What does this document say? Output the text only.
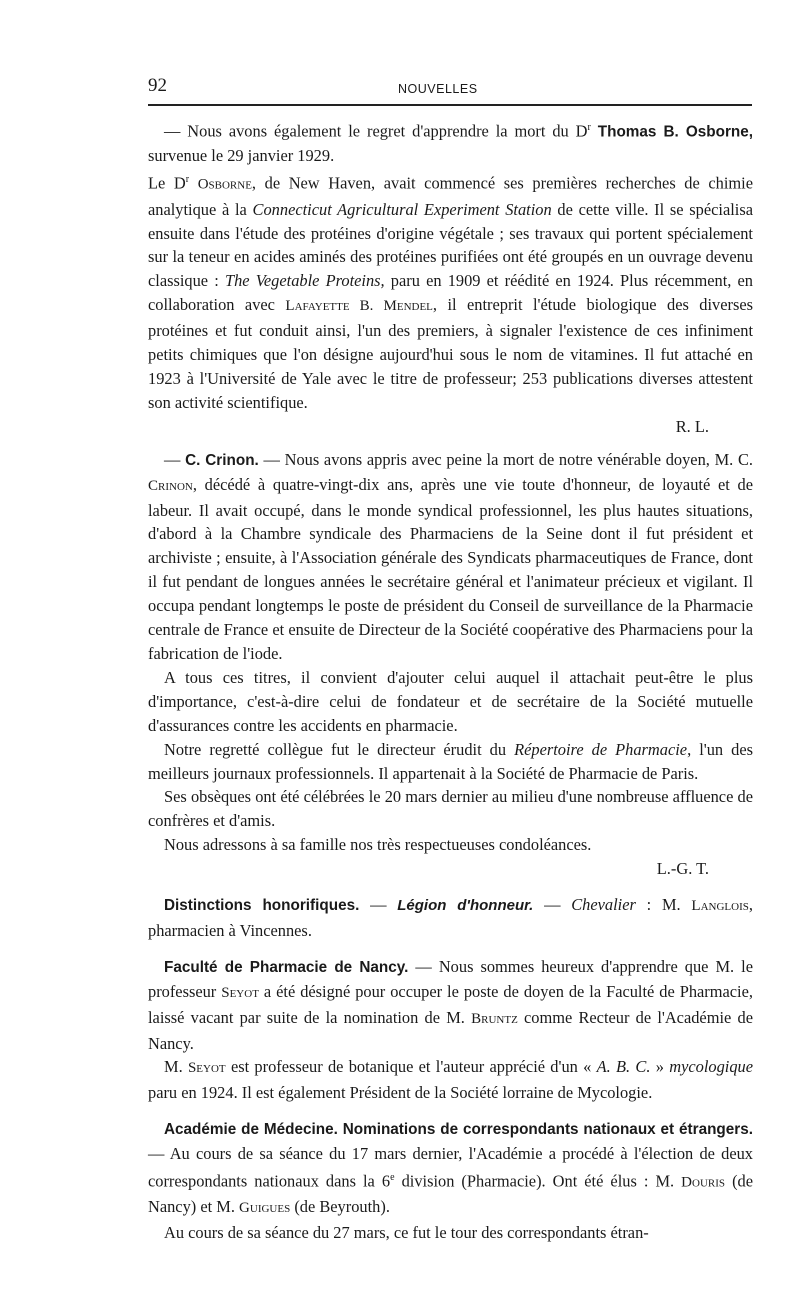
92	NOUVELLES

— Nous avons également le regret d'apprendre la mort du $D^r$ Thomas B. Osborne, survenue le 29 janvier 1929.

Le $D^r$ Osborne, de New Haven, avait commencé ses premières recherches de chimie analytique à la Connecticut Agricultural Experiment Station de cette ville. Il se spécialisa ensuite dans l'étude des protéines d'origine végétale ; ses travaux qui portent spécialement sur la teneur en acides aminés des protéines purifiées ont été groupés en un ouvrage devenu classique : The Vegetable Proteins, paru en 1909 et réédité en 1924. Plus récemment, en collaboration avec Lafayette B. Mendel, il entreprit l'étude biologique des diverses protéines et fut conduit ainsi, l'un des premiers, à signaler l'existence de ces infiniment petits chimiques que l'on désigne aujourd'hui sous le nom de vitamines. Il fut attaché en 1923 à l'Université de Yale avec le titre de professeur; 253 publications diverses attestent son activité scientifique.

R. L.

— C. Crinon. — Nous avons appris avec peine la mort de notre vénérable doyen, M. C. Crinon, décédé à quatre-vingt-dix ans, après une vie toute d'honneur, de loyauté et de labeur. Il avait occupé, dans le monde syndical professionnel, les plus hautes situations, d'abord à la Chambre syndicale des Pharmaciens de la Seine dont il fut président et archiviste ; ensuite, à l'Association générale des Syndicats pharmaceutiques de France, dont il fut pendant de longues années le secrétaire général et l'animateur précieux et vigilant. Il occupa pendant longtemps le poste de président du Conseil de surveillance de la Pharmacie centrale de France et ensuite de Directeur de la Société coopérative des Pharmaciens pour la fabrication de l'iode.

A tous ces titres, il convient d'ajouter celui auquel il attachait peut-être le plus d'importance, c'est-à-dire celui de fondateur et de secrétaire de la Société mutuelle d'assurances contre les accidents en pharmacie.

Notre regretté collègue fut le directeur érudit du Répertoire de Pharmacie, l'un des meilleurs journaux professionnels. Il appartenait à la Société de Pharmacie de Paris.

Ses obsèques ont été célébrées le 20 mars dernier au milieu d'une nombreuse affluence de confrères et d'amis.

Nous adressons à sa famille nos très respectueuses condoléances.

L.-G. T.

Distinctions honorifiques. — Légion d'honneur. — Chevalier : M. Langlois, pharmacien à Vincennes.

Faculté de Pharmacie de Nancy. — Nous sommes heureux d'apprendre que M. le professeur Seyot a été désigné pour occuper le poste de doyen de la Faculté de Pharmacie, laissé vacant par suite de la nomination de M. Bruntz comme Recteur de l'Académie de Nancy.

M. Seyot est professeur de botanique et l'auteur apprécié d'un « A. B. C. » mycologique paru en 1924. Il est également Président de la Société lorraine de Mycologie.

Académie de Médecine. Nominations de correspondants nationaux et étrangers. — Au cours de sa séance du 17 mars dernier, l'Académie a procédé à l'élection de deux correspondants nationaux dans la 6e division (Pharmacie). Ont été élus : M. Douris (de Nancy) et M. Guigues (de Beyrouth).

Au cours de sa séance du 27 mars, ce fut le tour des correspondants étran-
